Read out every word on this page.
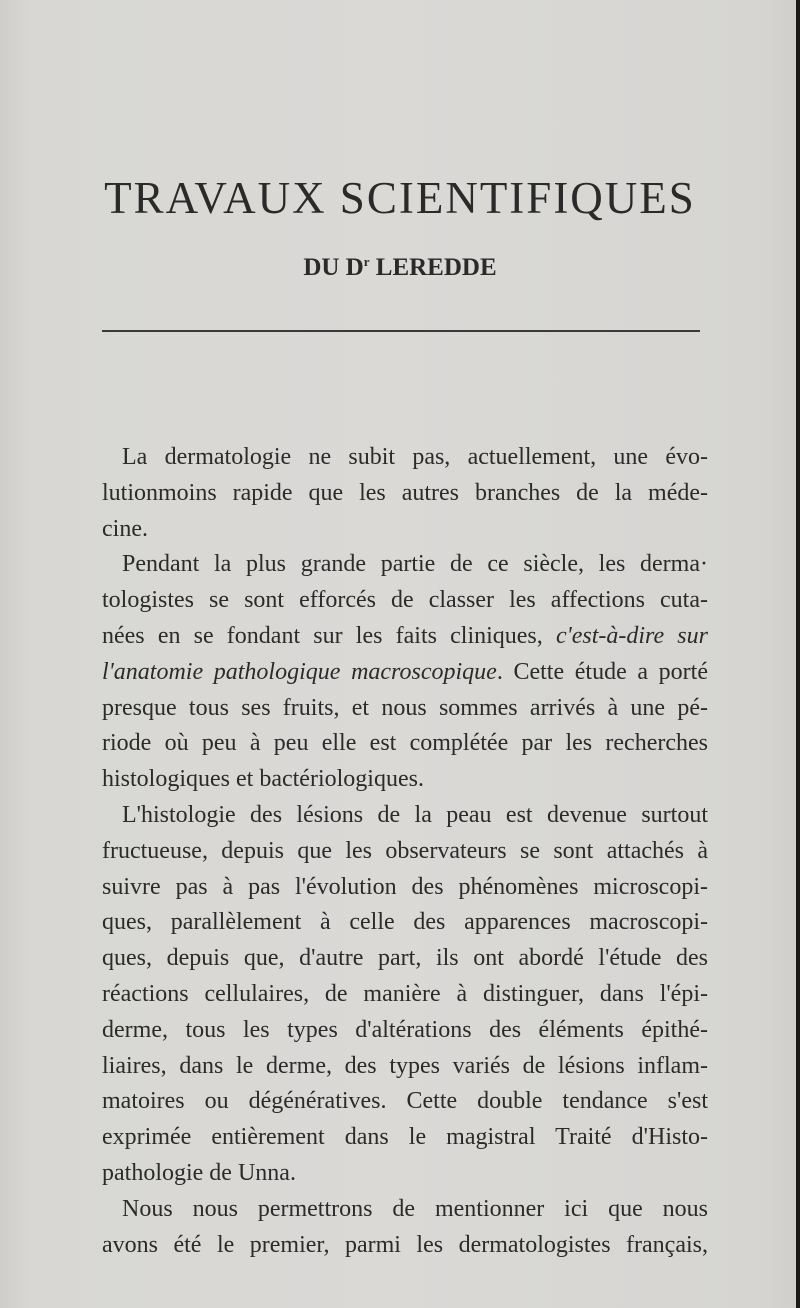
TRAVAUX SCIENTIFIQUES
DU $D^r$ LEREDDE
La dermatologie ne subit pas, actuellement, une évo-
lutionmoins rapide que les autres branches de la méde-
cine.
Pendant la plus grande partie de ce siècle, les derma·
tologistes se sont efforcés de classer les affections cuta-
nées en se fondant sur les faits cliniques, c'est-à-dire sur
l'anatomie pathologique macroscopique. Cette étude a porté
presque tous ses fruits, et nous sommes arrivés à une pé-
riode où peu à peu elle est complétée par les recherches
histologiques et bactériologiques.
L'histologie des lésions de la peau est devenue surtout
fructueuse, depuis que les observateurs se sont attachés à
suivre pas à pas l'évolution des phénomènes microscopi-
ques, parallèlement à celle des apparences macroscopi-
ques, depuis que, d'autre part, ils ont abordé l'étude des
réactions cellulaires, de manière à distinguer, dans l'épi-
derme, tous les types d'altérations des éléments épithé-
liaires, dans le derme, des types variés de lésions inflam-
matoires ou dégénératives. Cette double tendance s'est
exprimée entièrement dans le magistral Traité d'Histo-
pathologie de Unna.
Nous nous permettrons de mentionner ici que nous
avons été le premier, parmi les dermatologistes français,
